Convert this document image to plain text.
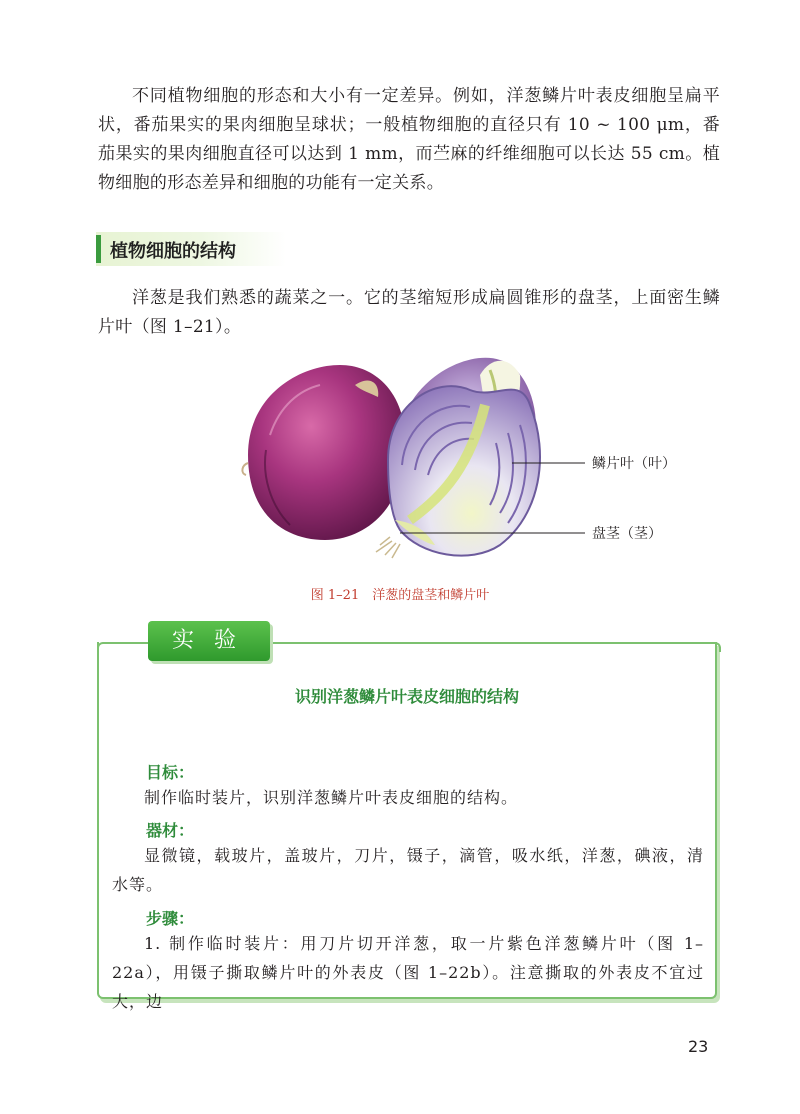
不同植物细胞的形态和大小有一定差异。例如，洋葱鳞片叶表皮细胞呈扁平状，番茄果实的果肉细胞呈球状；一般植物细胞的直径只有 10 ~ 100 μm，番茄果实的果肉细胞直径可以达到 1 mm，而苎麻的纤维细胞可以长达 55 cm。植物细胞的形态差异和细胞的功能有一定关系。

植物细胞的结构

洋葱是我们熟悉的蔬菜之一。它的茎缩短形成扁圆锥形的盘茎，上面密生鳞片叶（图 1–21）。

鳞片叶（叶）
盘茎（茎）
图 1–21　洋葱的盘茎和鳞片叶
实验
识别洋葱鳞片叶表皮细胞的结构
目标：

制作临时装片，识别洋葱鳞片叶表皮细胞的结构。

器材：

显微镜，载玻片，盖玻片，刀片，镊子，滴管，吸水纸，洋葱，碘液，清水等。

步骤：

1. 制作临时装片：用刀片切开洋葱，取一片紫色洋葱鳞片叶（图 1–22a），用镊子撕取鳞片叶的外表皮（图 1–22b）。注意撕取的外表皮不宜过大，边

23
